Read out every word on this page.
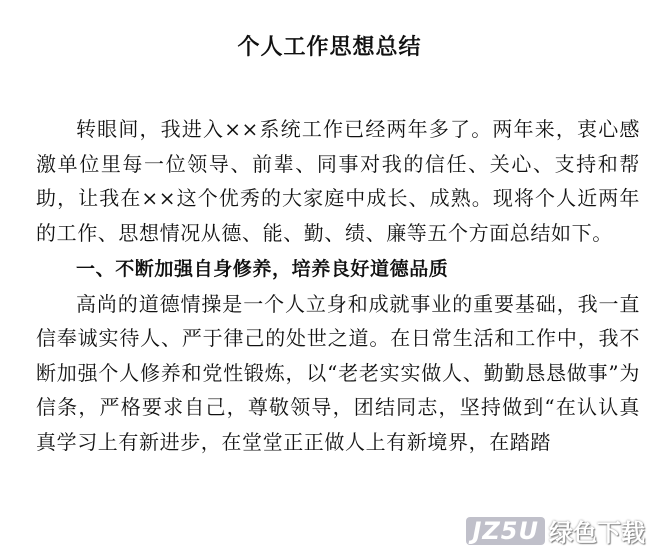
个人工作思想总结

转眼间，我进入××系统工作已经两年多了。两年来，衷心感激单位里每一位领导、前辈、同事对我的信任、关心、支持和帮助，让我在××这个优秀的大家庭中成长、成熟。现将个人近两年的工作、思想情况从德、能、勤、绩、廉等五个方面总结如下。

一、不断加强自身修养，培养良好道德品质

高尚的道德情操是一个人立身和成就事业的重要基础，我一直信奉诚实待人、严于律己的处世之道。在日常生活和工作中，我不断加强个人修养和党性锻炼，以“老老实实做人、勤勤恳恳做事”为信条，严格要求自己，尊敬领导，团结同志，坚持做到“在认认真真学习上有新进步，在堂堂正正做人上有新境界，在踏踏

JZ5U 绿色下载
